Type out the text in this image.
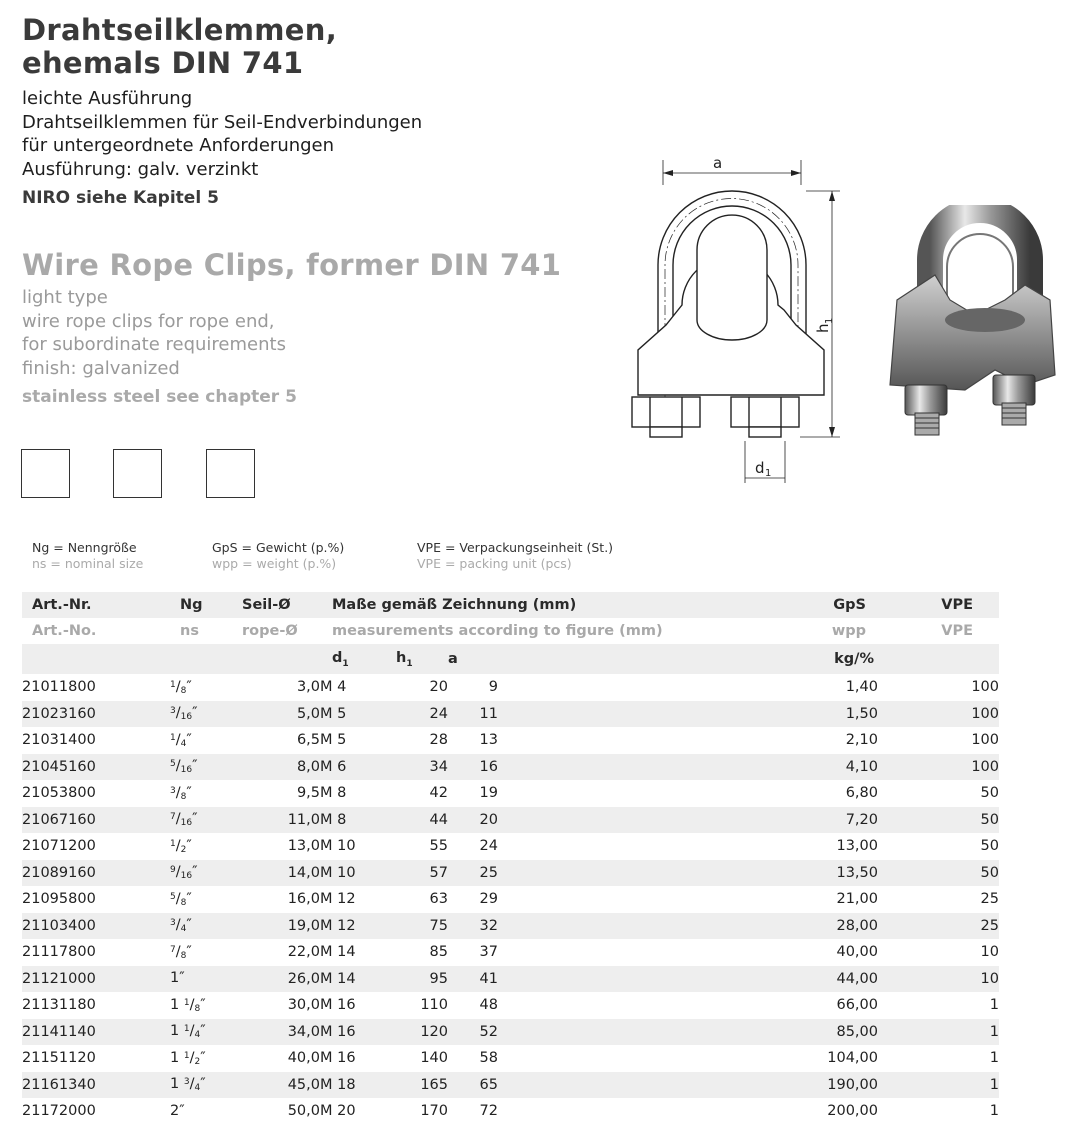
Drahtseilklemmen,
ehemals DIN 741
leichte Ausführung
Drahtseilklemmen für Seil-Endverbindungen
für untergeordnete Anforderungen
Ausführung: galv. verzinkt
NIRO siehe Kapitel 5
Wire Rope Clips, former DIN 741
light type
wire rope clips for rope end,
for subordinate requirements
finish: galvanized
stainless steel see chapter 5
a
h
1
d 1
Ng = Nenngröße
ns = nominal size
GpS = Gewicht (p.%)
wpp = weight (p.%)
VPE = Verpackungseinheit (St.)
VPE = packing unit (pcs)
Art.-Nr.	Ng	Seil-Ø	Maße gemäß Zeichnung (mm)				GpS	VPE
Art.-No.	ns	rope-Ø	measurements according to figure (mm)				wpp	VPE
			$d_1$	$h_1$	a		kg/%	
21011800	$^1/_8''$	3,0	M 4	20	9		1,40	100
21023160	$^3/_{16}''$	5,0	M 5	24	11		1,50	100
21031400	$^1/_4''$	6,5	M 5	28	13		2,10	100
21045160	$^5/_{16}''$	8,0	M 6	34	16		4,10	100
21053800	$^3/_8''$	9,5	M 8	42	19		6,80	50
21067160	$^7/_{16}''$	11,0	M 8	44	20		7,20	50
21071200	$^1/_2''$	13,0	M 10	55	24		13,00	50
21089160	$^9/_{16}''$	14,0	M 10	57	25		13,50	50
21095800	$^5/_8''$	16,0	M 12	63	29		21,00	25
21103400	$^3/_4''$	19,0	M 12	75	32		28,00	25
21117800	$^7/_8''$	22,0	M 14	85	37		40,00	10
21121000	1″	26,0	M 14	95	41		44,00	10
21131180	1 $^1/_8''$	30,0	M 16	110	48		66,00	1
21141140	1 $^1/_4''$	34,0	M 16	120	52		85,00	1
21151120	1 $^1/_2''$	40,0	M 16	140	58		104,00	1
21161340	1 $^3/_4''$	45,0	M 18	165	65		190,00	1
21172000	2″	50,0	M 20	170	72		200,00	1
